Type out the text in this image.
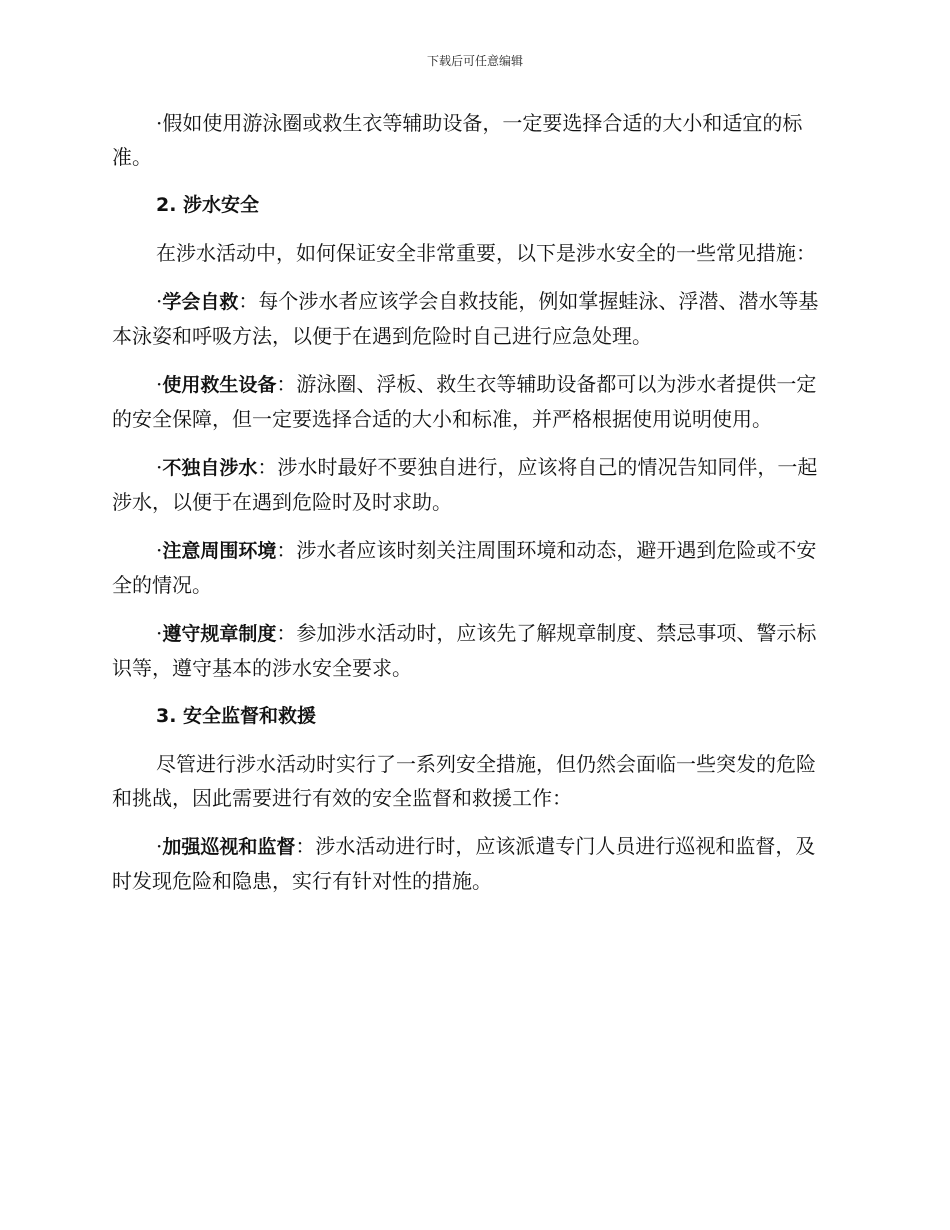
下载后可任意编辑

·假如使用游泳圈或救生衣等辅助设备，一定要选择合适的大小和适宜的标准。

2. 涉水安全

在涉水活动中，如何保证安全非常重要，以下是涉水安全的一些常见措施：

·学会自救：每个涉水者应该学会自救技能，例如掌握蛙泳、浮潜、潜水等基本泳姿和呼吸方法，以便于在遇到危险时自己进行应急处理。

·使用救生设备：游泳圈、浮板、救生衣等辅助设备都可以为涉水者提供一定的安全保障，但一定要选择合适的大小和标准，并严格根据使用说明使用。

·不独自涉水：涉水时最好不要独自进行，应该将自己的情况告知同伴，一起涉水，以便于在遇到危险时及时求助。

·注意周围环境：涉水者应该时刻关注周围环境和动态，避开遇到危险或不安全的情况。

·遵守规章制度：参加涉水活动时，应该先了解规章制度、禁忌事项、警示标识等，遵守基本的涉水安全要求。

3. 安全监督和救援

尽管进行涉水活动时实行了一系列安全措施，但仍然会面临一些突发的危险和挑战，因此需要进行有效的安全监督和救援工作：

·加强巡视和监督：涉水活动进行时，应该派遣专门人员进行巡视和监督，及时发现危险和隐患，实行有针对性的措施。
